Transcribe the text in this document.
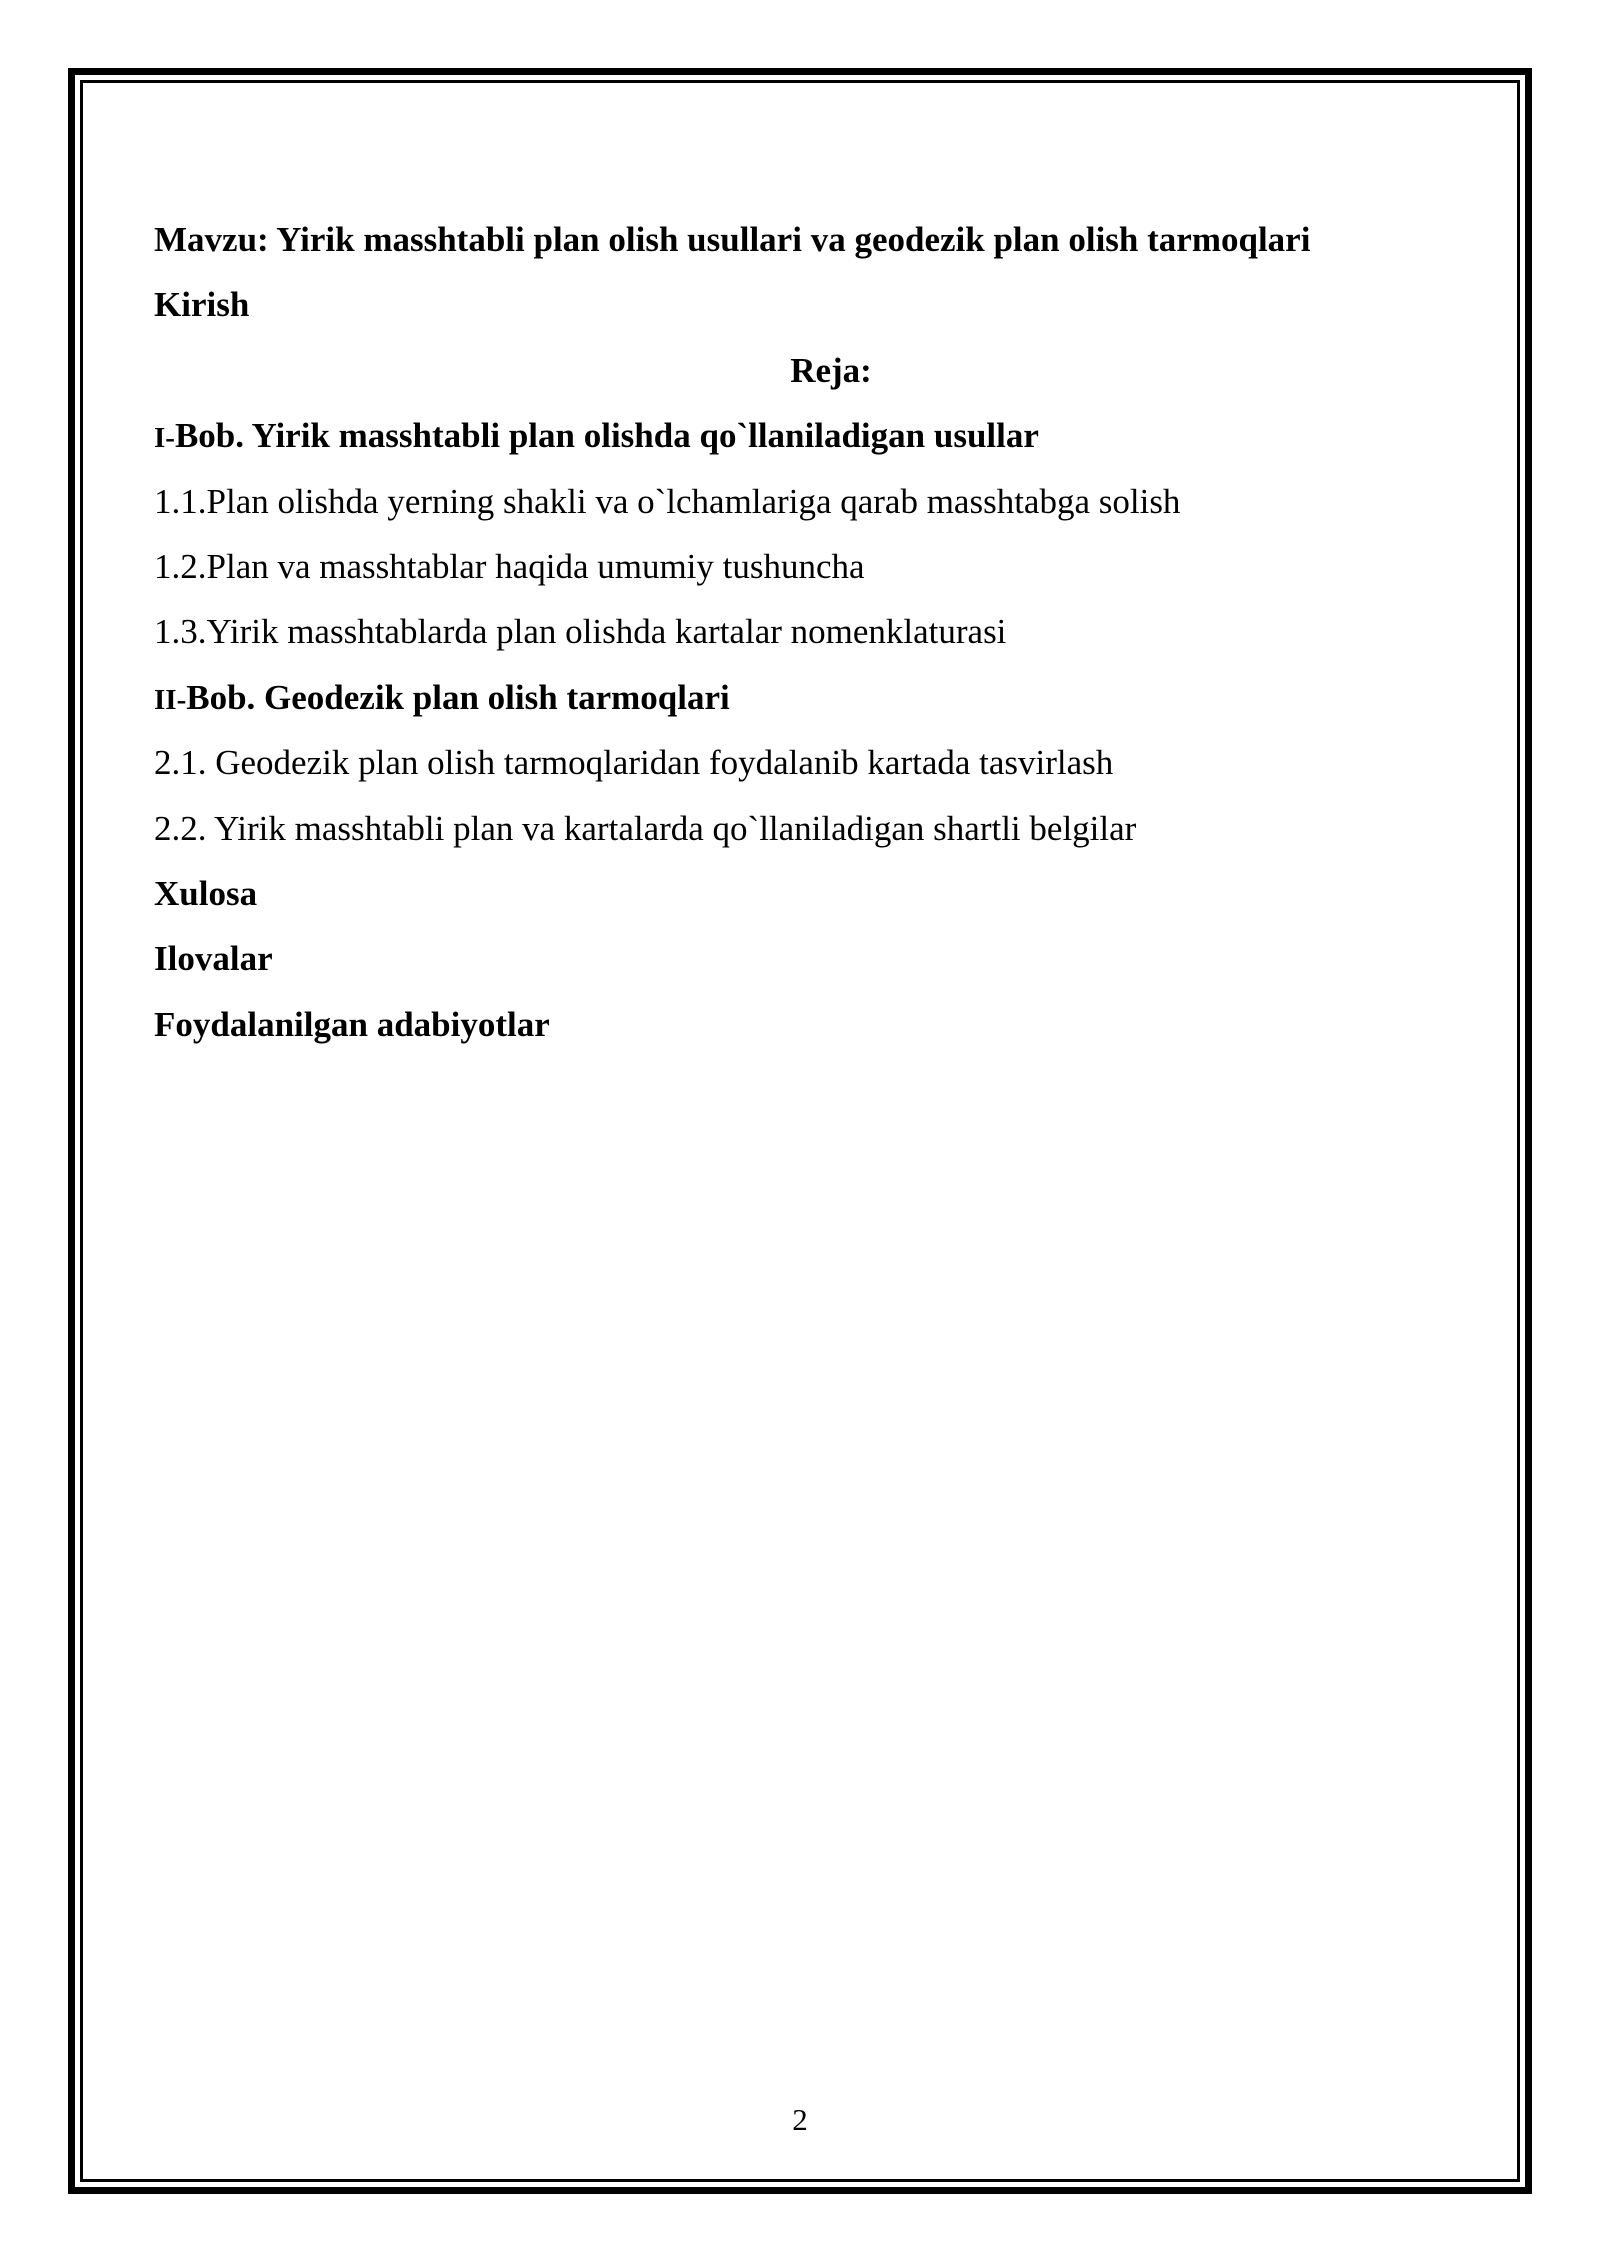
Mavzu: Yirik masshtabli plan olish usullari va geodezik plan olish tarmoqlari
Kirish
Reja:
I-Bob. Yirik masshtabli plan olishda qo`llaniladigan usullar
1.1.Plan olishda yerning shakli va o`lchamlariga qarab masshtabga solish
1.2.Plan va masshtablar haqida umumiy tushuncha
1.3.Yirik masshtablarda plan olishda kartalar nomenklaturasi
II-Bob. Geodezik plan olish tarmoqlari
2.1. Geodezik plan olish tarmoqlaridan foydalanib kartada tasvirlash
2.2. Yirik masshtabli plan va kartalarda qo`llaniladigan shartli belgilar
Xulosa
Ilovalar
Foydalanilgan adabiyotlar
2
